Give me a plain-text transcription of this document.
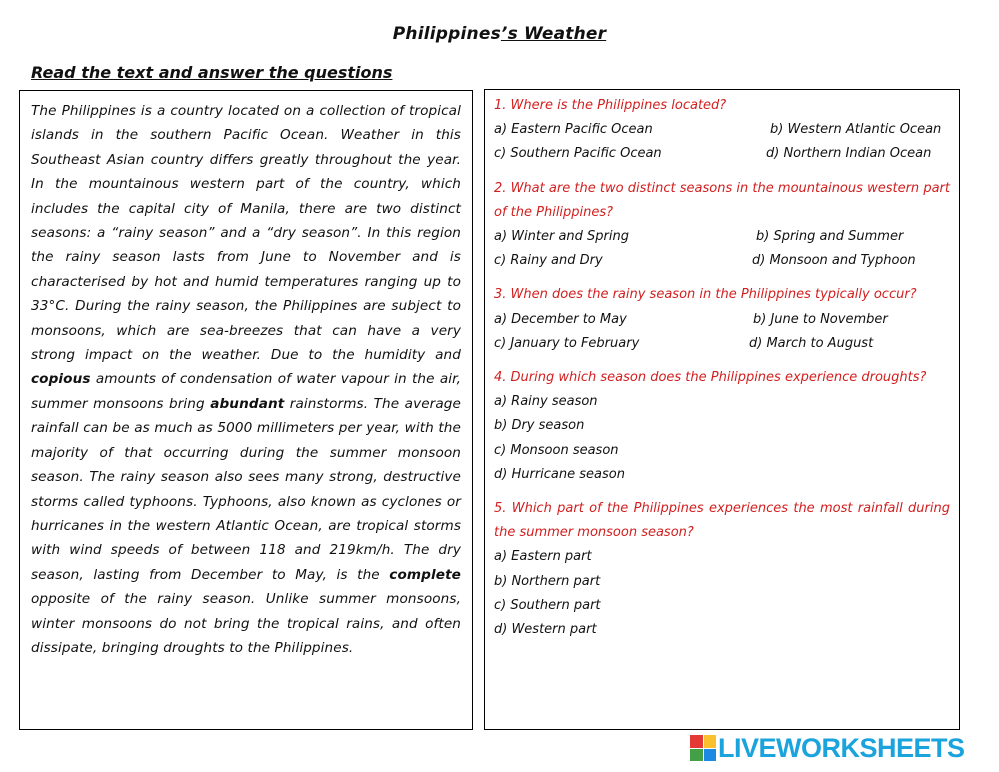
Philippines’s Weather
Read the text and answer the questions

The Philippines is a country located on a collection of tropical islands in the southern Pacific Ocean. Weather in this Southeast Asian country differs greatly throughout the year. In the mountainous western part of the country, which includes the capital city of Manila, there are two distinct seasons: a “rainy season” and a “dry season”. In this region the rainy season lasts from June to November and is characterised by hot and humid temperatures ranging up to 33°C. During the rainy season, the Philippines are subject to monsoons, which are sea-breezes that can have a very strong impact on the weather. Due to the humidity and copious amounts of condensation of water vapour in the air, summer monsoons bring abundant rainstorms. The average rainfall can be as much as 5000 millimeters per year, with the majority of that occurring during the summer monsoon season. The rainy season also sees many strong, destructive storms called typhoons. Typhoons, also known as cyclones or hurricanes in the western Atlantic Ocean, are tropical storms with wind speeds of between 118 and 219km/h. The dry season, lasting from December to May, is the complete opposite of the rainy season. Unlike summer monsoons, winter monsoons do not bring the tropical rains, and often dissipate, bringing droughts to the Philippines.

1. Where is the Philippines located?
a) Eastern Pacific Ocean	b) Western Atlantic Ocean
c) Southern Pacific Ocean	d) Northern Indian Ocean
2. What are the two distinct seasons in the mountainous western part of the Philippines?
a) Winter and Spring	b) Spring and Summer
c) Rainy and Dry	d) Monsoon and Typhoon
3. When does the rainy season in the Philippines typically occur?
a) December to May	b) June to November
c) January to February	d) March to August
4. During which season does the Philippines experience droughts?
a) Rainy season
b) Dry season
c) Monsoon season
d) Hurricane season
5. Which part of the Philippines experiences the most rainfall during the summer monsoon season?
a) Eastern part
b) Northern part
c) Southern part
d) Western part
LIVEWORKSHEETS
